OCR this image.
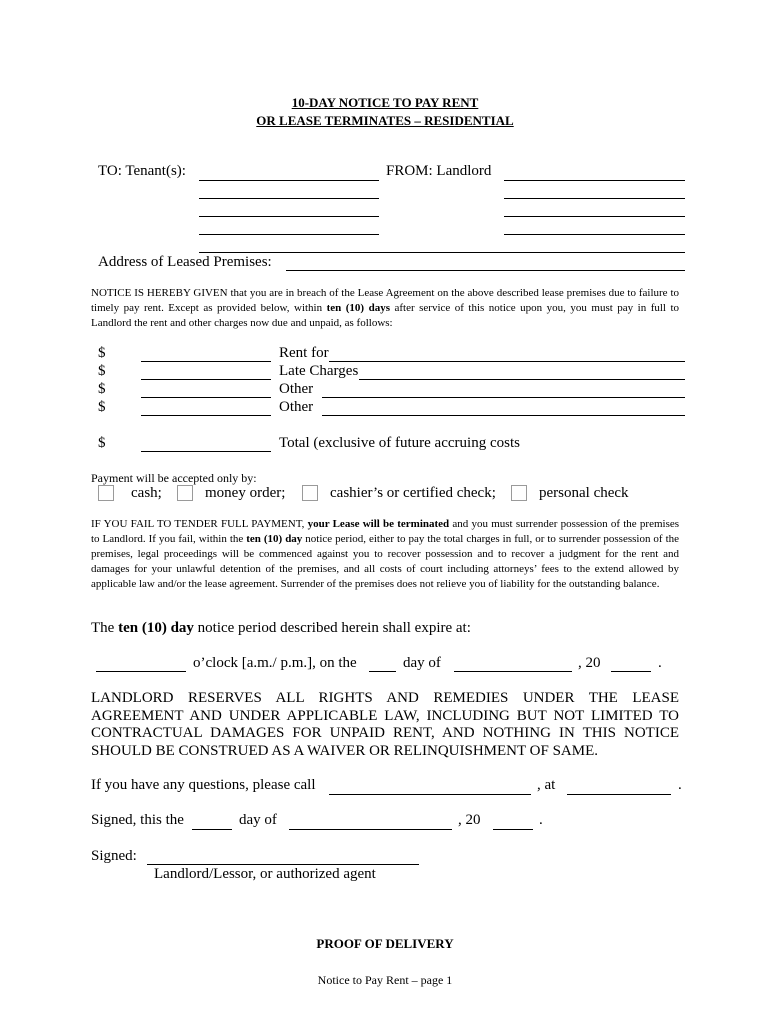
10-DAY NOTICE TO PAY RENT
OR LEASE TERMINATES – RESIDENTIAL
TO: Tenant(s):	FROM: Landlord
Address of Leased Premises:
NOTICE IS HEREBY GIVEN that you are in breach of the Lease Agreement on the above described lease premises due to failure to timely pay rent. Except as provided below, within ten (10) days after service of this notice upon you, you must pay in full to Landlord the rent and other charges now due and unpaid, as follows:
$	Rent for
$	Late Charges
$	Other
$	Other
$	Total (exclusive of future accruing costs
Payment will be accepted only by:
cash;	money order;	cashier’s or certified check;	personal check
IF YOU FAIL TO TENDER FULL PAYMENT, your Lease will be terminated and you must surrender possession of the premises to Landlord. If you fail, within the ten (10) day notice period, either to pay the total charges in full, or to surrender possession of the premises, legal proceedings will be commenced against you to recover possession and to recover a judgment for the rent and damages for your unlawful detention of the premises, and all costs of court including attorneys’ fees to the extend allowed by applicable law and/or the lease agreement. Surrender of the premises does not relieve you of liability for the outstanding balance.
The ten (10) day notice period described herein shall expire at:
o’clock [a.m./ p.m.], on the	day of	, 20	.
LANDLORD RESERVES ALL RIGHTS AND REMEDIES UNDER THE LEASE AGREEMENT AND UNDER APPLICABLE LAW, INCLUDING BUT NOT LIMITED TO CONTRACTUAL DAMAGES FOR UNPAID RENT, AND NOTHING IN THIS NOTICE SHOULD BE CONSTRUED AS A WAIVER OR RELINQUISHMENT OF SAME.
If you have any questions, please call	, at	.
Signed, this the	day of	, 20	.
Signed:
Landlord/Lessor, or authorized agent
PROOF OF DELIVERY
Notice to Pay Rent – page 1
